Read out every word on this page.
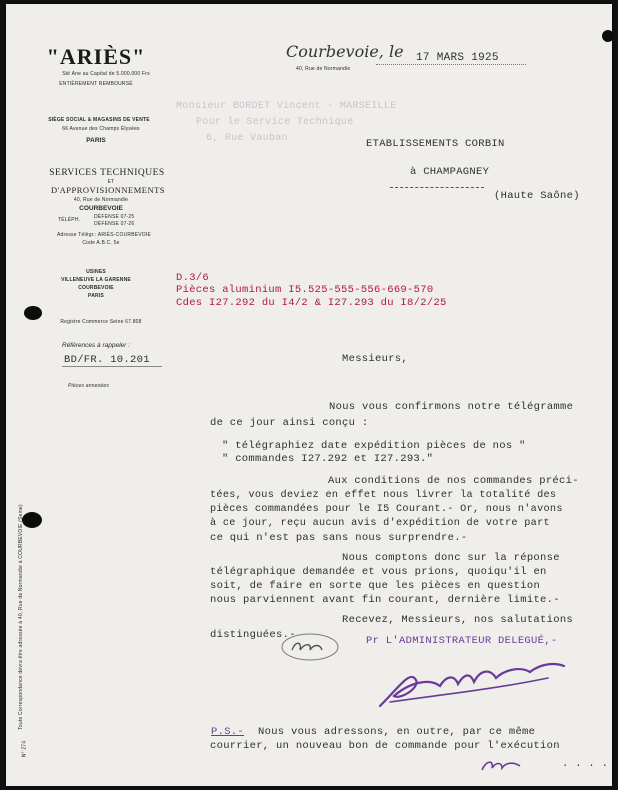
Toute Correspondance devra être adressée à 40, Rue de Normandie à COURBEVOIE (Seine)
N° 274
"ARIÈS"
Sté Ane au Capital de 5.000.000 Frs
ENTIÈREMENT REMBOURSÉ
SIÈGE SOCIAL & MAGASINS DE VENTE
66 Avenue des Champs Élysées
PARIS
SERVICES TECHNIQUES
ET
D'APPROVISIONNEMENTS
40, Rue de Normandie
COURBEVOIE
TÉLÉPH.	DÉFENSE 07-25
DÉFENSE 07-26
Adresse Télégr.: ARIÈS-COURBEVOIE
Code A.B.C. 5e
USINES
VILLENEUVE LA GARENNE
COURBEVOIE
PARIS
Registre Commerce Seine 67.808
Références à rappeler :
BD/FR. 10.201
Pièces annexées
Courbevoie, le 17 MARS 1925
40, Rue de Normandie
Monsieur BORDET Vincent - MARSEILLE
Pour le Service Technique
6, Rue Vauban	ETABLISSEMENTS CORBIN
à CHAMPAGNEY
(Haute Saône)
D.3/6
Pièces aluminium I5.525-555-556-669-570
Cdes I27.292 du I4/2 & I27.293 du I8/2/25
Messieurs,
Nous vous confirmons notre télégramme
de ce jour ainsi conçu :
" télégraphiez date expédition pièces de nos "
" commandes I27.292 et I27.293."
Aux conditions de nos commandes préci-
tées, vous deviez en effet nous livrer la totalité des
pièces commandées pour le I5 Courant.- Or, nous n'avons
à ce jour, reçu aucun avis d'expédition de votre part
ce qui n'est pas sans nous surprendre.-
Nous comptons donc sur la réponse
télégraphique demandée et vous prions, quoiqu'il en
soit, de faire en sorte que les pièces en question
nous parviennent avant fin courant, dernière limite.-
Recevez, Messieurs, nos salutations
distinguées.-	Pr L'ADMINISTRATEUR DELEGUÉ,-
P.S.- Nous vous adressons, en outre, par ce même
courrier, un nouveau bon de commande pour l'exécution
. . . .
